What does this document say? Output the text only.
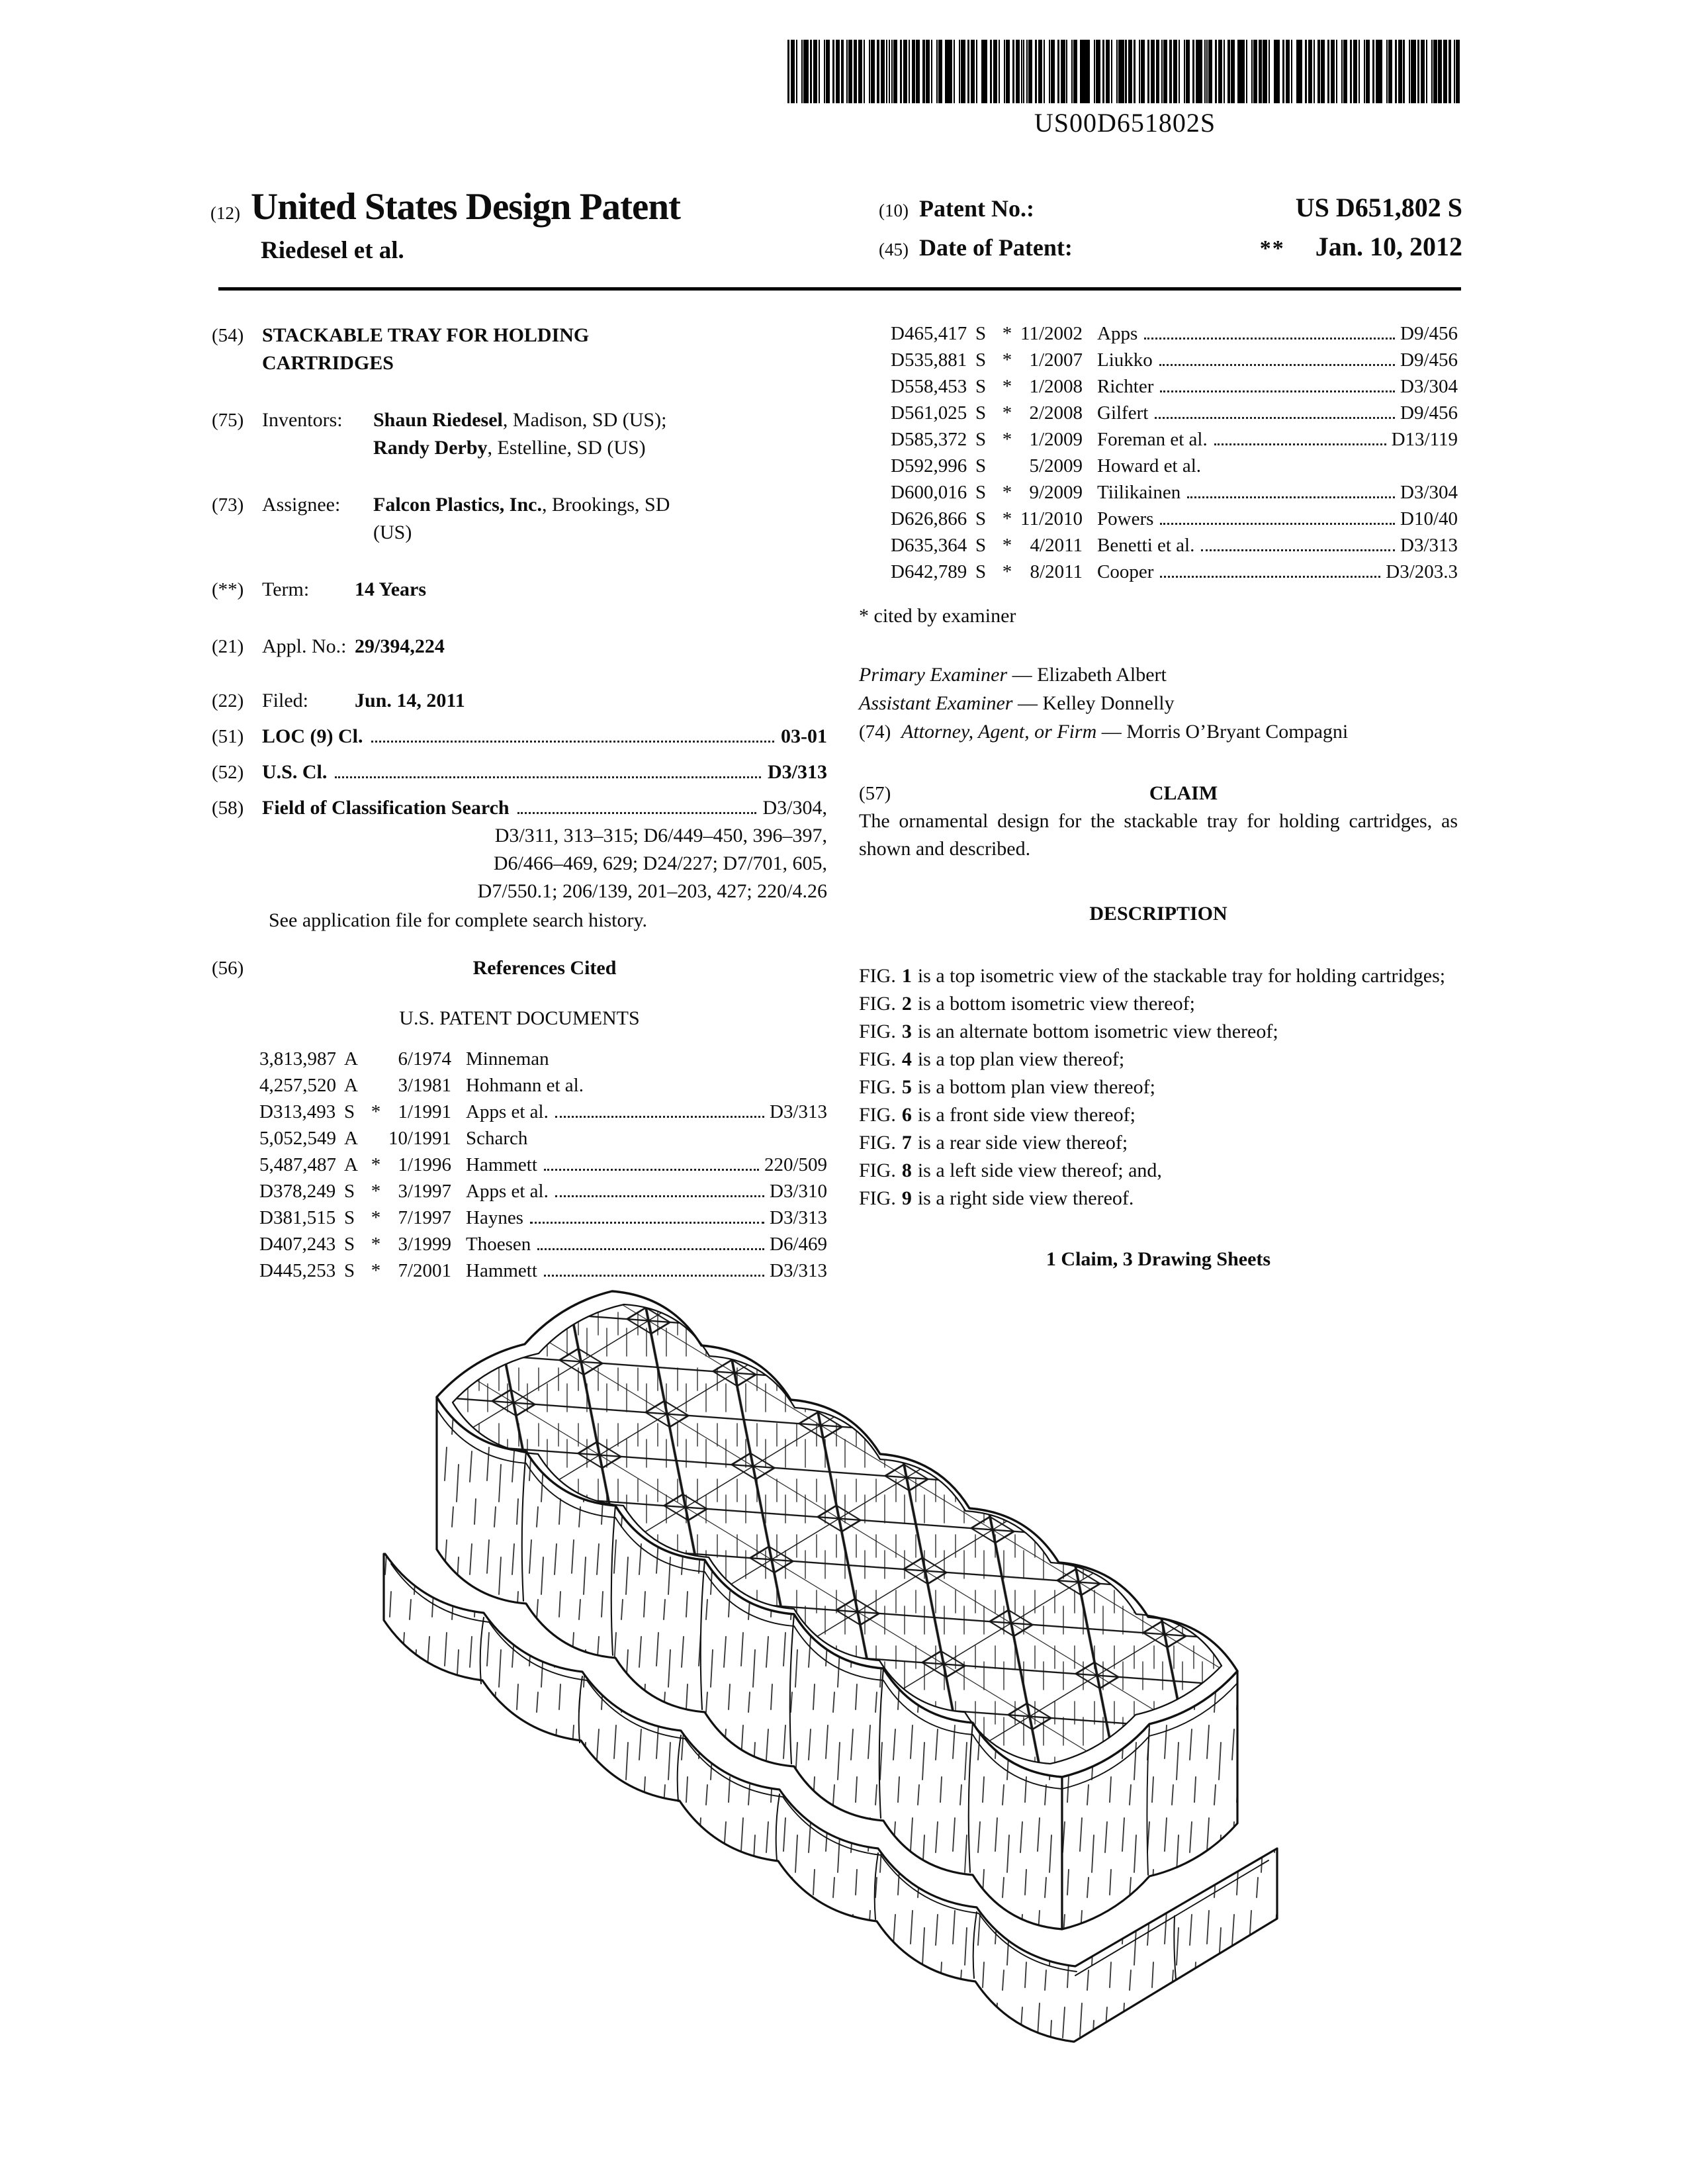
US00D651802S
(12) United States Design Patent
Riedesel et al.
(10) Patent No.:	US D651,802 S
(45) Date of Patent:	** Jan. 10, 2012
(54) STACKABLE TRAY FOR HOLDING CARTRIDGES
(75) Inventors:	Shaun Riedesel, Madison, SD (US);
Randy Derby, Estelline, SD (US)
(73) Assignee:	Falcon Plastics, Inc., Brookings, SD
(US)
(**) Term:	14 Years
(21) Appl. No.: 29/394,224
(22) Filed:	Jun. 14, 2011
(51) LOC (9) Cl.	03-01
(52) U.S. Cl.	D3/313
(58) Field of Classification Search	D3/304,
D3/311, 313–315; D6/449–450, 396–397,
D6/466–469, 629; D24/227; D7/701, 605,
D7/550.1; 206/139, 201–203, 427; 220/4.26
See application file for complete search history.
(56)	References Cited
U.S. PATENT DOCUMENTS
3,813,987 A	6/1974 Minneman
4,257,520 A	3/1981 Hohmann et al.
D313,493 S * 1/1991 Apps et al.	D3/313
5,052,549 A	10/1991 Scharch
5,487,487 A * 1/1996 Hammett	220/509
D378,249 S * 3/1997 Apps et al.	D3/310
D381,515 S * 7/1997 Haynes	D3/313
D407,243 S * 3/1999 Thoesen	D6/469
D445,253 S * 7/2001 Hammett	D3/313
D465,417 S * 11/2002 Apps	D9/456
D535,881 S * 1/2007 Liukko	D9/456
D558,453 S * 1/2008 Richter	D3/304
D561,025 S * 2/2008 Gilfert	D9/456
D585,372 S * 1/2009 Foreman et al.	D13/119
D592,996 S	5/2009 Howard et al.
D600,016 S * 9/2009 Tiilikainen	D3/304
D626,866 S * 11/2010 Powers	D10/40
D635,364 S * 4/2011 Benetti et al.	D3/313
D642,789 S * 8/2011 Cooper	D3/203.3
* cited by examiner
Primary Examiner — Elizabeth Albert
Assistant Examiner — Kelley Donnelly
(74) Attorney, Agent, or Firm — Morris O’Bryant Compagni
(57)	CLAIM
The ornamental design for the stackable tray for holding cartridges, as shown and described.
DESCRIPTION
FIG. 1 is a top isometric view of the stackable tray for holding cartridges;
FIG. 2 is a bottom isometric view thereof;
FIG. 3 is an alternate bottom isometric view thereof;
FIG. 4 is a top plan view thereof;
FIG. 5 is a bottom plan view thereof;
FIG. 6 is a front side view thereof;
FIG. 7 is a rear side view thereof;
FIG. 8 is a left side view thereof; and,
FIG. 9 is a right side view thereof.
1 Claim, 3 Drawing Sheets
